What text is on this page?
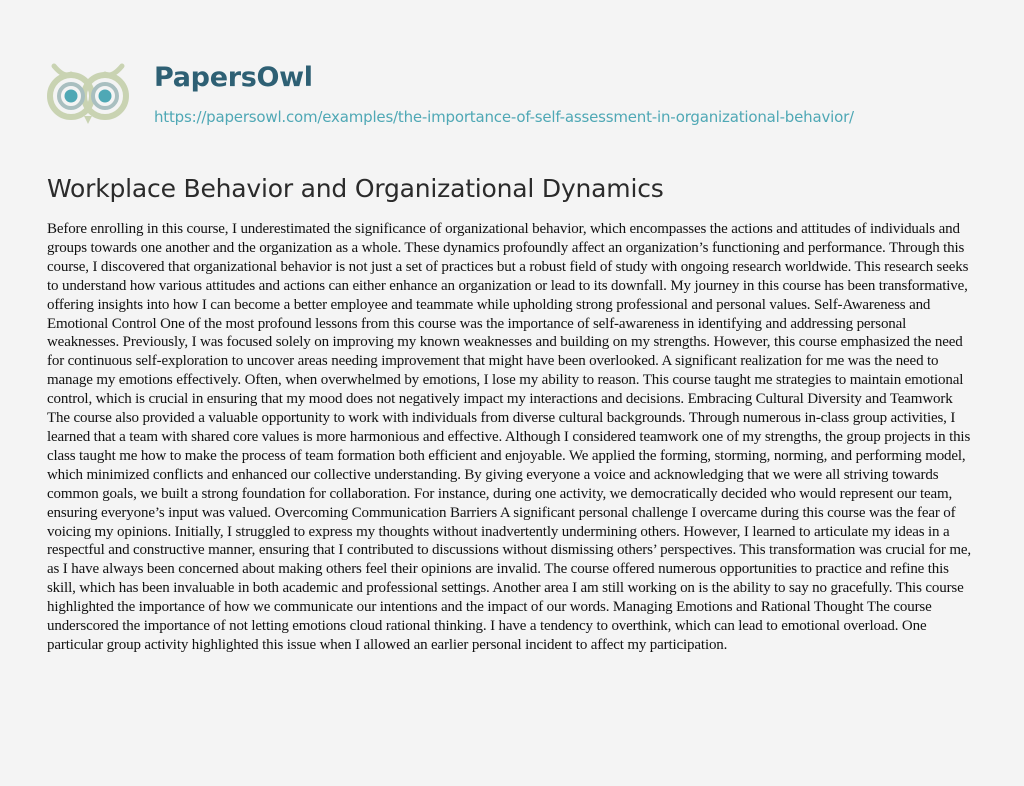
PapersOwl

https://papersowl.com/examples/the-importance-of-self-assessment-in-organizational-behavior/

Workplace Behavior and Organizational Dynamics

Before enrolling in this course, I underestimated the significance of organizational behavior, which encompasses the actions and attitudes of individuals and groups towards one another and the organization as a whole. These dynamics profoundly affect an organization’s functioning and performance. Through this course, I discovered that organizational behavior is not just a set of practices but a robust field of study with ongoing research worldwide. This research seeks to understand how various attitudes and actions can either enhance an organization or lead to its downfall. My journey in this course has been transformative, offering insights into how I can become a better employee and teammate while upholding strong professional and personal values. Self-Awareness and Emotional Control One of the most profound lessons from this course was the importance of self-awareness in identifying and addressing personal weaknesses. Previously, I was focused solely on improving my known weaknesses and building on my strengths. However, this course emphasized the need for continuous self-exploration to uncover areas needing improvement that might have been overlooked. A significant realization for me was the need to manage my emotions effectively. Often, when overwhelmed by emotions, I lose my ability to reason. This course taught me strategies to maintain emotional control, which is crucial in ensuring that my mood does not negatively impact my interactions and decisions. Embracing Cultural Diversity and Teamwork The course also provided a valuable opportunity to work with individuals from diverse cultural backgrounds. Through numerous in-class group activities, I learned that a team with shared core values is more harmonious and effective. Although I considered teamwork one of my strengths, the group projects in this class taught me how to make the process of team formation both efficient and enjoyable. We applied the forming, storming, norming, and performing model, which minimized conflicts and enhanced our collective understanding. By giving everyone a voice and acknowledging that we were all striving towards common goals, we built a strong foundation for collaboration. For instance, during one activity, we democratically decided who would represent our team, ensuring everyone’s input was valued. Overcoming Communication Barriers A significant personal challenge I overcame during this course was the fear of voicing my opinions. Initially, I struggled to express my thoughts without inadvertently undermining others. However, I learned to articulate my ideas in a respectful and constructive manner, ensuring that I contributed to discussions without dismissing others’ perspectives. This transformation was crucial for me, as I have always been concerned about making others feel their opinions are invalid. The course offered numerous opportunities to practice and refine this skill, which has been invaluable in both academic and professional settings. Another area I am still working on is the ability to say no gracefully. This course highlighted the importance of how we communicate our intentions and the impact of our words. Managing Emotions and Rational Thought The course underscored the importance of not letting emotions cloud rational thinking. I have a tendency to overthink, which can lead to emotional overload. One particular group activity highlighted this issue when I allowed an earlier personal incident to affect my participation.
